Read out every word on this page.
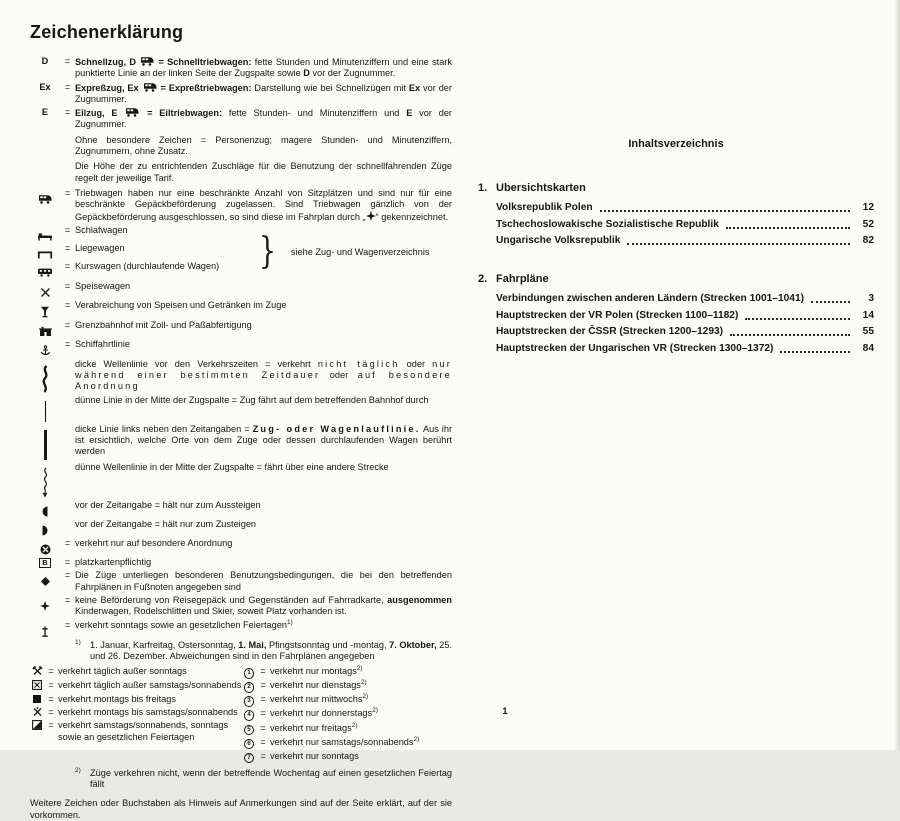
Zeichenerklärung
D	= Schnellzug, D  = Schnelltriebwagen: fette Stunden und Minutenziffern und eine stark punktierte Linie an der linken Seite der Zugspalte sowie D vor der Zugnummer.
Ex	= Expreßzug, Ex  = Expreßtriebwagen: Darstellung wie bei Schnellzügen mit Ex vor der Zugnummer.
E	= Eilzug, E  = Eiltriebwagen: fette Stunden- und Minutenziffern und E vor der Zugnummer.
Ohne besondere Zeichen = Personenzug; magere Stunden- und Minutenziffern, Zugnummern, ohne Zusatz.
Die Höhe der zu entrichtenden Zuschläge für die Benutzung der schnellfahrenden Züge regelt der jeweilige Tarif.
= Triebwagen haben nur eine beschränkte Anzahl von Sitzplätzen und sind nur für eine beschränkte Gepäckbeförderung zugelassen. Sind Triebwagen gänzlich von der Gepäckbeförderung ausgeschlossen, so sind diese im Fahrplan durch „ “ gekennzeichnet.
= Schlafwagen
= Liegewagen
= Kurswagen (durchlaufende Wagen)	} siehe Zug- und Wagenverzeichnis
= Speisewagen
= Verabreichung von Speisen und Getränken im Zuge
= Grenzbahnhof mit Zoll- und Paßabfertigung
= Schiffahrtlinie
dicke Wellenlinie vor den Verkehrszeiten = verkehrt nicht täglich oder nur während einer bestimmten Zeitdauer oder auf besondere Anordnung
dünne Linie in der Mitte der Zugspalte = Zug fährt auf dem betreffenden Bahnhof durch
dicke Linie links neben den Zeitangaben = Zug- oder Wagenlauflinie. Aus ihr ist ersichtlich, welche Orte von dem Zuge oder dessen durchlaufenden Wagen berührt werden
dünne Wellenlinie in der Mitte der Zugspalte = fährt über eine andere Strecke
vor der Zeitangabe = hält nur zum Aussteigen
vor der Zeitangabe = hält nur zum Zusteigen
= verkehrt nur auf besondere Anordnung
B	= platzkartenpflichtig
= Die Züge unterliegen besonderen Benutzungsbedingungen, die bei den betreffenden Fahrplänen in Fußnoten angegeben sind
= keine Beförderung von Reisegepäck und Gegenständen auf Fahrradkarte, ausgenommen Kinderwagen, Rodelschlitten und Skier, soweit Platz vorhanden ist.
= verkehrt sonntags sowie an gesetzlichen Feiertagen$^{1)}$
$^{1)}$	1. Januar, Karfreitag, Ostersonntag, 1. Mai, Pfingstsonntag und -montag, 7. Oktober, 25. und 26. Dezember. Abweichungen sind in den Fahrplänen angegeben
= verkehrt täglich außer sonntags
= verkehrt täglich außer samstags/sonnabends
= verkehrt montags bis freitags
= verkehrt montags bis samstags/sonnabends
= verkehrt samstags/sonnabends, sonntags sowie an gesetzlichen Feiertagen
1	= verkehrt nur montags$^{2)}$
2	= verkehrt nur dienstags$^{2)}$
3	= verkehrt nur mittwochs$^{2)}$
4	= verkehrt nur donnerstags$^{2)}$
5	= verkehrt nur freitags$^{2)}$
6	= verkehrt nur samstags/sonnabends$^{2)}$
7	= verkehrt nur sonntags
$^{2)}$	Züge verkehren nicht, wenn der betreffende Wochentag auf einen gesetzlichen Feiertag fällt
Weitere Zeichen oder Buchstaben als Hinweis auf Anmerkungen sind auf der Seite erklärt, auf der sie vorkommen.
Inhaltsverzeichnis
1. Ubersichtskarten
Volksrepublik Polen	12
Tschechoslowakische Sozialistische Republik	52
Ungarische Volksrepublik	82
2. Fahrpläne
Verbindungen zwischen anderen Ländern (Strecken 1001–1041)	3
Hauptstrecken der VR Polen (Strecken 1100–1182)	14
Hauptstrecken der ČSSR (Strecken 1200–1293)	55
Hauptstrecken der Ungarischen VR (Strecken 1300–1372)	84
1
